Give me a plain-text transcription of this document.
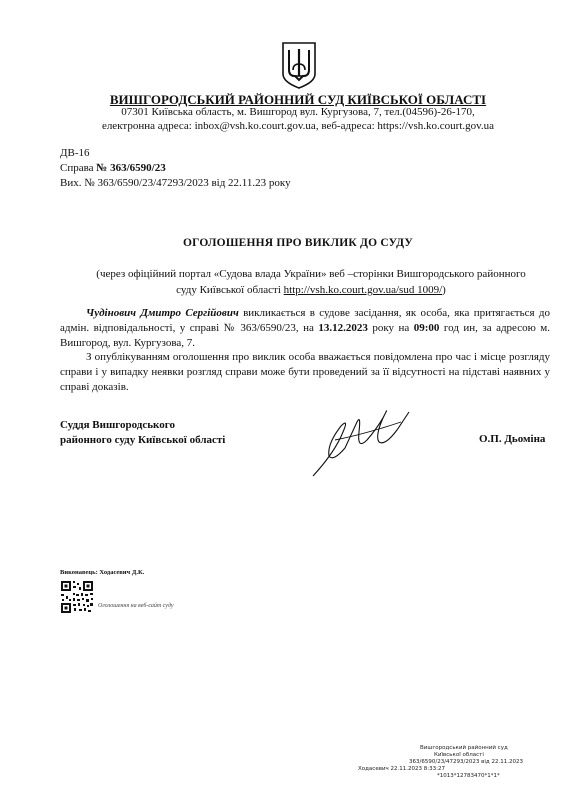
ВИШГОРОДСЬКИЙ РАЙОННИЙ СУД КИЇВСЬКОЇ ОБЛАСТІ
07301 Київська область, м. Вишгород вул. Кургузова, 7, тел.(04596)-26-170,
електронна адреса: inbox@vsh.ko.court.gov.ua, веб-адреса: https://vsh.ko.court.gov.ua
ДВ-16
Справа № 363/6590/23
Вих. № 363/6590/23/47293/2023 від 22.11.23 року
ОГОЛОШЕННЯ ПРО ВИКЛИК ДО СУДУ
(через офіційний портал «Судова влада України» веб –сторінки Вишгородського районного суду Київської області http://vsh.ko.court.gov.ua/sud 1009/)
Чудінович Дмитро Сергійович викликається в судове засідання, як особа, яка притягається до адмін. відповідальності, у справі № 363/6590/23, на 13.12.2023 року на 09:00 год ин, за адресою м. Вишгород, вул. Кургузова, 7.
З опублікуванням оголошення про виклик особа вважається повідомлена про час і місце розгляду справи і у випадку неявки розгляд справи може бути проведений за її відсутності на підставі наявних у справі доказів.
Суддя Вишгородського
районного суду Київської області	О.П. Дьоміна
Виконавець: Ходасевич Д.К.
Оголошення на веб-сайт суду
Вишгородський районний суд
Київської області
363/6590/23/47293/2023 від 22.11.2023
Ходасевич 22.11.2023 8:33:27
*1013*12783470*1*1*
